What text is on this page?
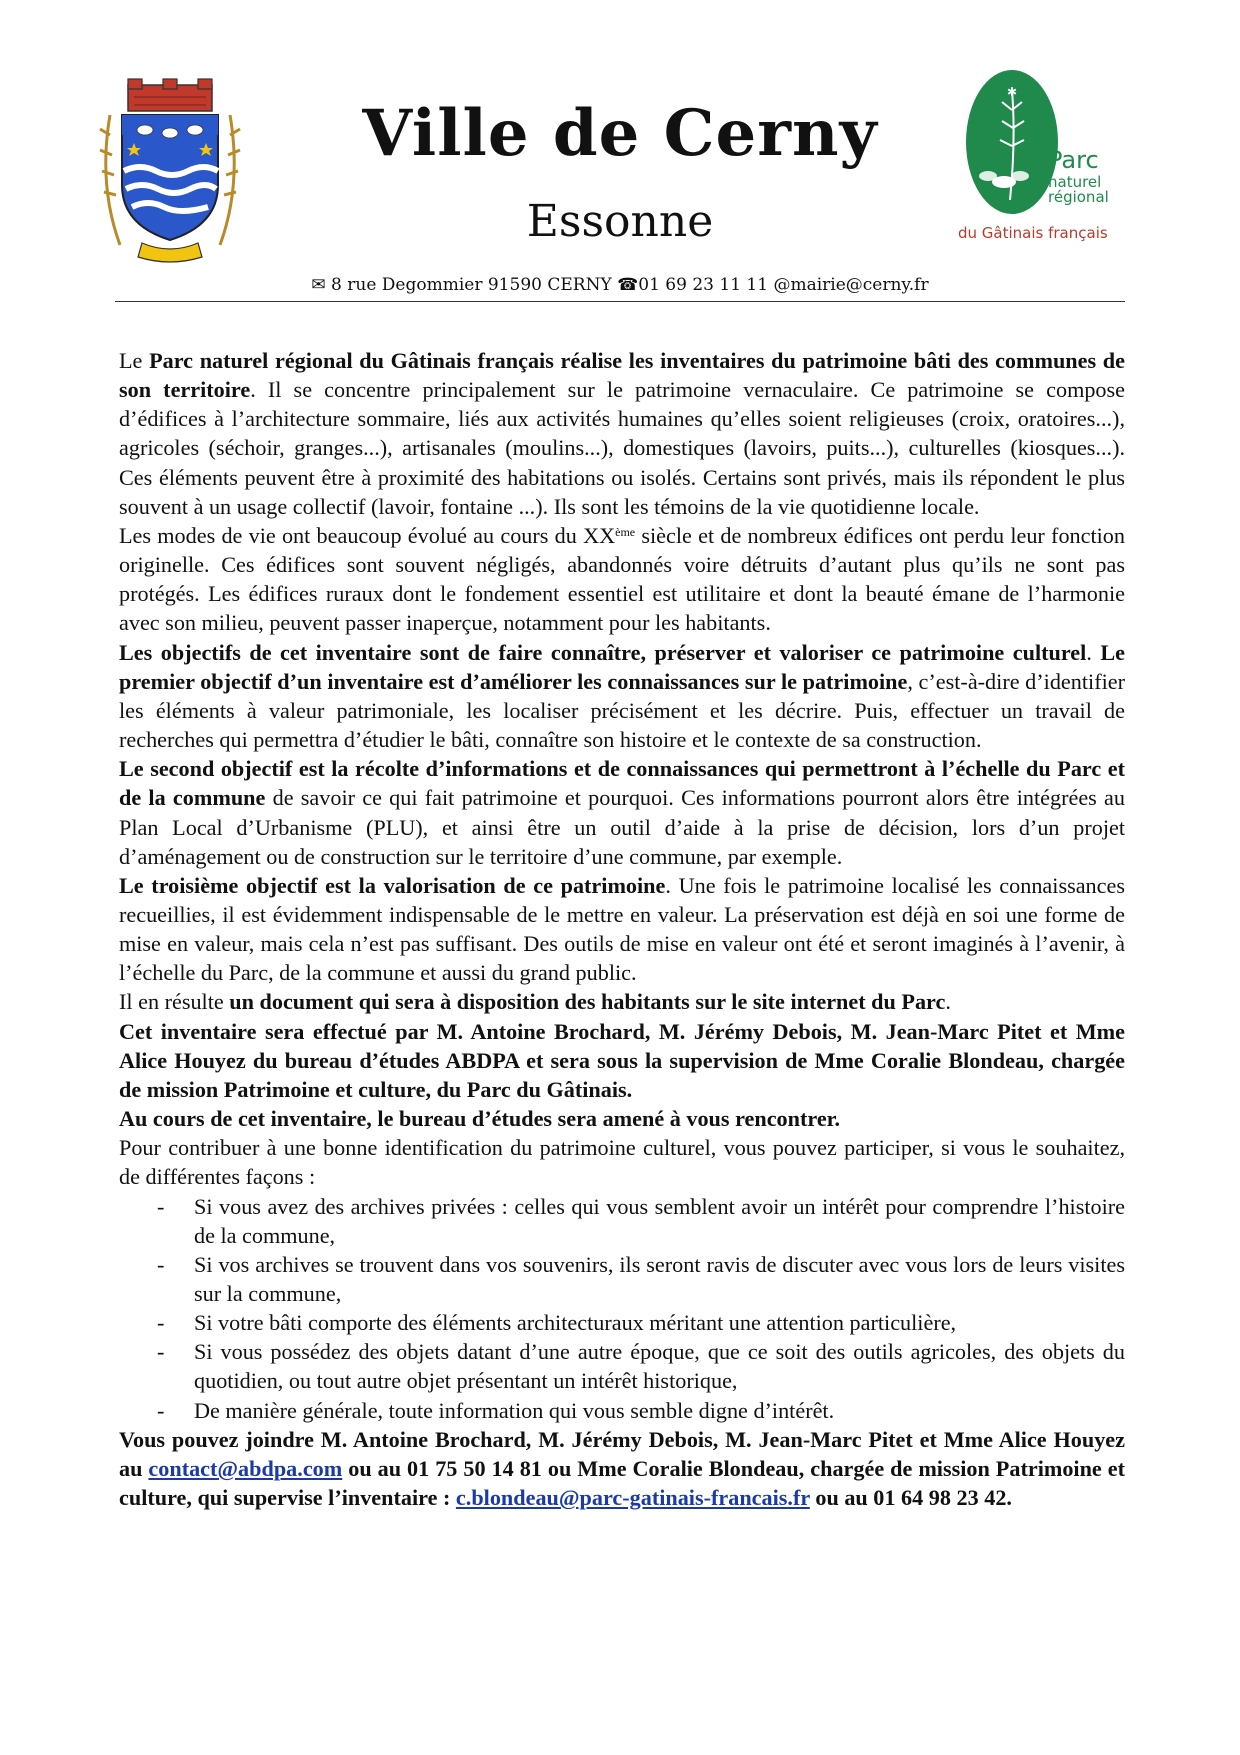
Ville de Cerny
Essonne
✱
Parc
naturel
régional
du Gâtinais français
✉ 8 rue Degommier 91590 CERNY ☎01 69 23 11 11 @mairie@cerny.fr

Le Parc naturel régional du Gâtinais français réalise les inventaires du patrimoine bâti des communes de son territoire. Il se concentre principalement sur le patrimoine vernaculaire. Ce patrimoine se compose d’édifices à l’architecture sommaire, liés aux activités humaines qu’elles soient religieuses (croix, oratoires...), agricoles (séchoir, granges...), artisanales (moulins...), domestiques (lavoirs, puits...), culturelles (kiosques...). Ces éléments peuvent être à proximité des habitations ou isolés. Certains sont privés, mais ils répondent le plus souvent à un usage collectif (lavoir, fontaine ...). Ils sont les témoins de la vie quotidienne locale.

Les modes de vie ont beaucoup évolué au cours du XXème siècle et de nombreux édifices ont perdu leur fonction originelle. Ces édifices sont souvent négligés, abandonnés voire détruits d’autant plus qu’ils ne sont pas protégés. Les édifices ruraux dont le fondement essentiel est utilitaire et dont la beauté émane de l’harmonie avec son milieu, peuvent passer inaperçue, notamment pour les habitants.

Les objectifs de cet inventaire sont de faire connaître, préserver et valoriser ce patrimoine culturel. Le premier objectif d’un inventaire est d’améliorer les connaissances sur le patrimoine, c’est-à-dire d’identifier les éléments à valeur patrimoniale, les localiser précisément et les décrire. Puis, effectuer un travail de recherches qui permettra d’étudier le bâti, connaître son histoire et le contexte de sa construction.

Le second objectif est la récolte d’informations et de connaissances qui permettront à l’échelle du Parc et de la commune de savoir ce qui fait patrimoine et pourquoi. Ces informations pourront alors être intégrées au Plan Local d’Urbanisme (PLU), et ainsi être un outil d’aide à la prise de décision, lors d’un projet d’aménagement ou de construction sur le territoire d’une commune, par exemple.

Le troisième objectif est la valorisation de ce patrimoine. Une fois le patrimoine localisé les connaissances recueillies, il est évidemment indispensable de le mettre en valeur. La préservation est déjà en soi une forme de mise en valeur, mais cela n’est pas suffisant. Des outils de mise en valeur ont été et seront imaginés à l’avenir, à l’échelle du Parc, de la commune et aussi du grand public.

Il en résulte un document qui sera à disposition des habitants sur le site internet du Parc.

Cet inventaire sera effectué par M. Antoine Brochard, M. Jérémy Debois, M. Jean-Marc Pitet et Mme Alice Houyez du bureau d’études ABDPA et sera sous la supervision de Mme Coralie Blondeau, chargée de mission Patrimoine et culture, du Parc du Gâtinais.

Au cours de cet inventaire, le bureau d’études sera amené à vous rencontrer.

Pour contribuer à une bonne identification du patrimoine culturel, vous pouvez participer, si vous le souhaitez, de différentes façons :

- Si vous avez des archives privées : celles qui vous semblent avoir un intérêt pour comprendre l’histoire de la commune,
- Si vos archives se trouvent dans vos souvenirs, ils seront ravis de discuter avec vous lors de leurs visites sur la commune,
- Si votre bâti comporte des éléments architecturaux méritant une attention particulière,
- Si vous possédez des objets datant d’une autre époque, que ce soit des outils agricoles, des objets du quotidien, ou tout autre objet présentant un intérêt historique,
- De manière générale, toute information qui vous semble digne d’intérêt.

Vous pouvez joindre M. Antoine Brochard, M. Jérémy Debois, M. Jean-Marc Pitet et Mme Alice Houyez au contact@abdpa.com ou au 01 75 50 14 81 ou Mme Coralie Blondeau, chargée de mission Patrimoine et culture, qui supervise l’inventaire : c.blondeau@parc-gatinais-francais.fr ou au 01 64 98 23 42.
